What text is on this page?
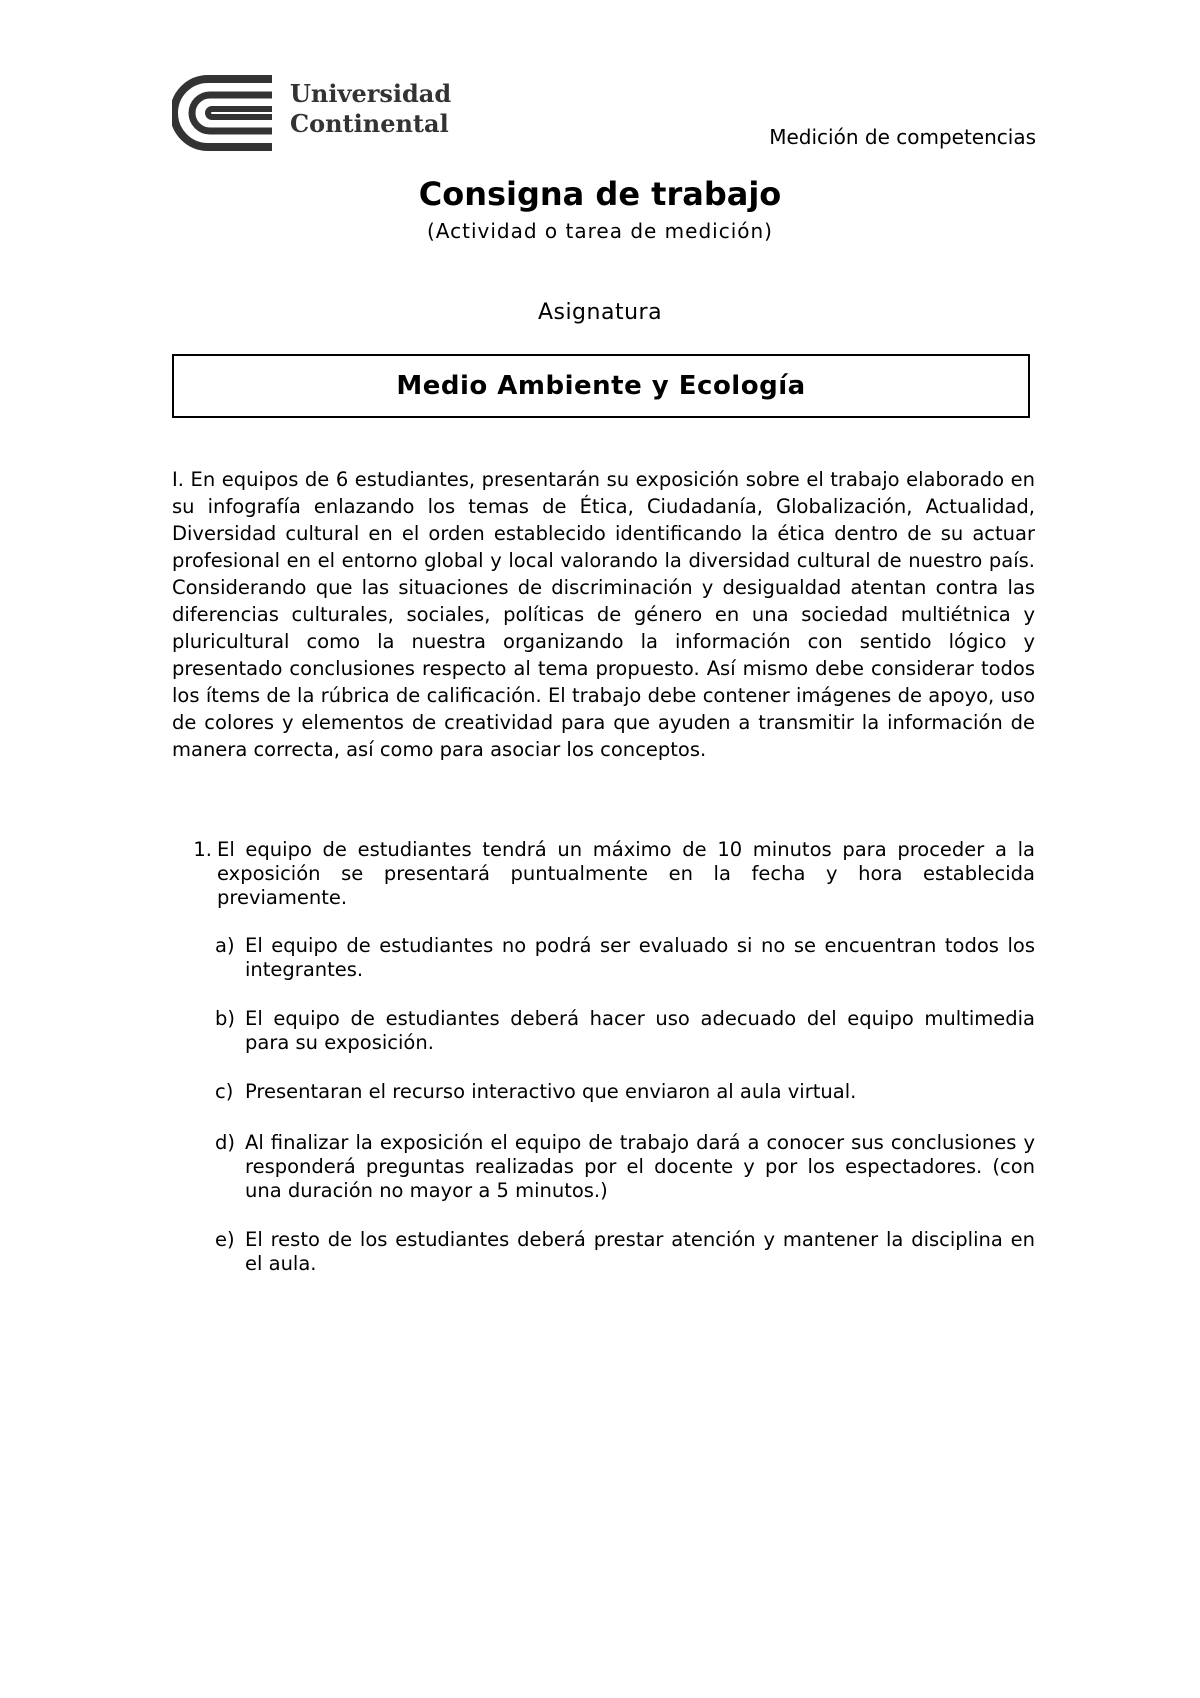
Universidad
Continental	Medición de competencias
Consigna de trabajo
(Actividad o tarea de medición)
Asignatura
Medio Ambiente y Ecología
I. En equipos de 6 estudiantes, presentarán su exposición sobre el trabajo elaborado en su infografía enlazando los temas de Ética, Ciudadanía, Globalización, Actualidad, Diversidad cultural en el orden establecido identificando la ética dentro de su actuar profesional en el entorno global y local valorando la diversidad cultural de nuestro país. Considerando que las situaciones de discriminación y desigualdad atentan contra las diferencias culturales, sociales, políticas de género en una sociedad multiétnica y pluricultural como la nuestra organizando la información con sentido lógico y presentado conclusiones respecto al tema propuesto. Así mismo debe considerar todos los ítems de la rúbrica de calificación. El trabajo debe contener imágenes de apoyo, uso de colores y elementos de creatividad para que ayuden a transmitir la información de manera correcta, así como para asociar los conceptos.
1. El equipo de estudiantes tendrá un máximo de 10 minutos para proceder a la exposición se presentará puntualmente en la fecha y hora establecida previamente.
a) El equipo de estudiantes no podrá ser evaluado si no se encuentran todos los integrantes.
b) El equipo de estudiantes deberá hacer uso adecuado del equipo multimedia para su exposición.
c) Presentaran el recurso interactivo que enviaron al aula virtual.
d) Al finalizar la exposición el equipo de trabajo dará a conocer sus conclusiones y responderá preguntas realizadas por el docente y por los espectadores. (con una duración no mayor a 5 minutos.)
e) El resto de los estudiantes deberá prestar atención y mantener la disciplina en el aula.
